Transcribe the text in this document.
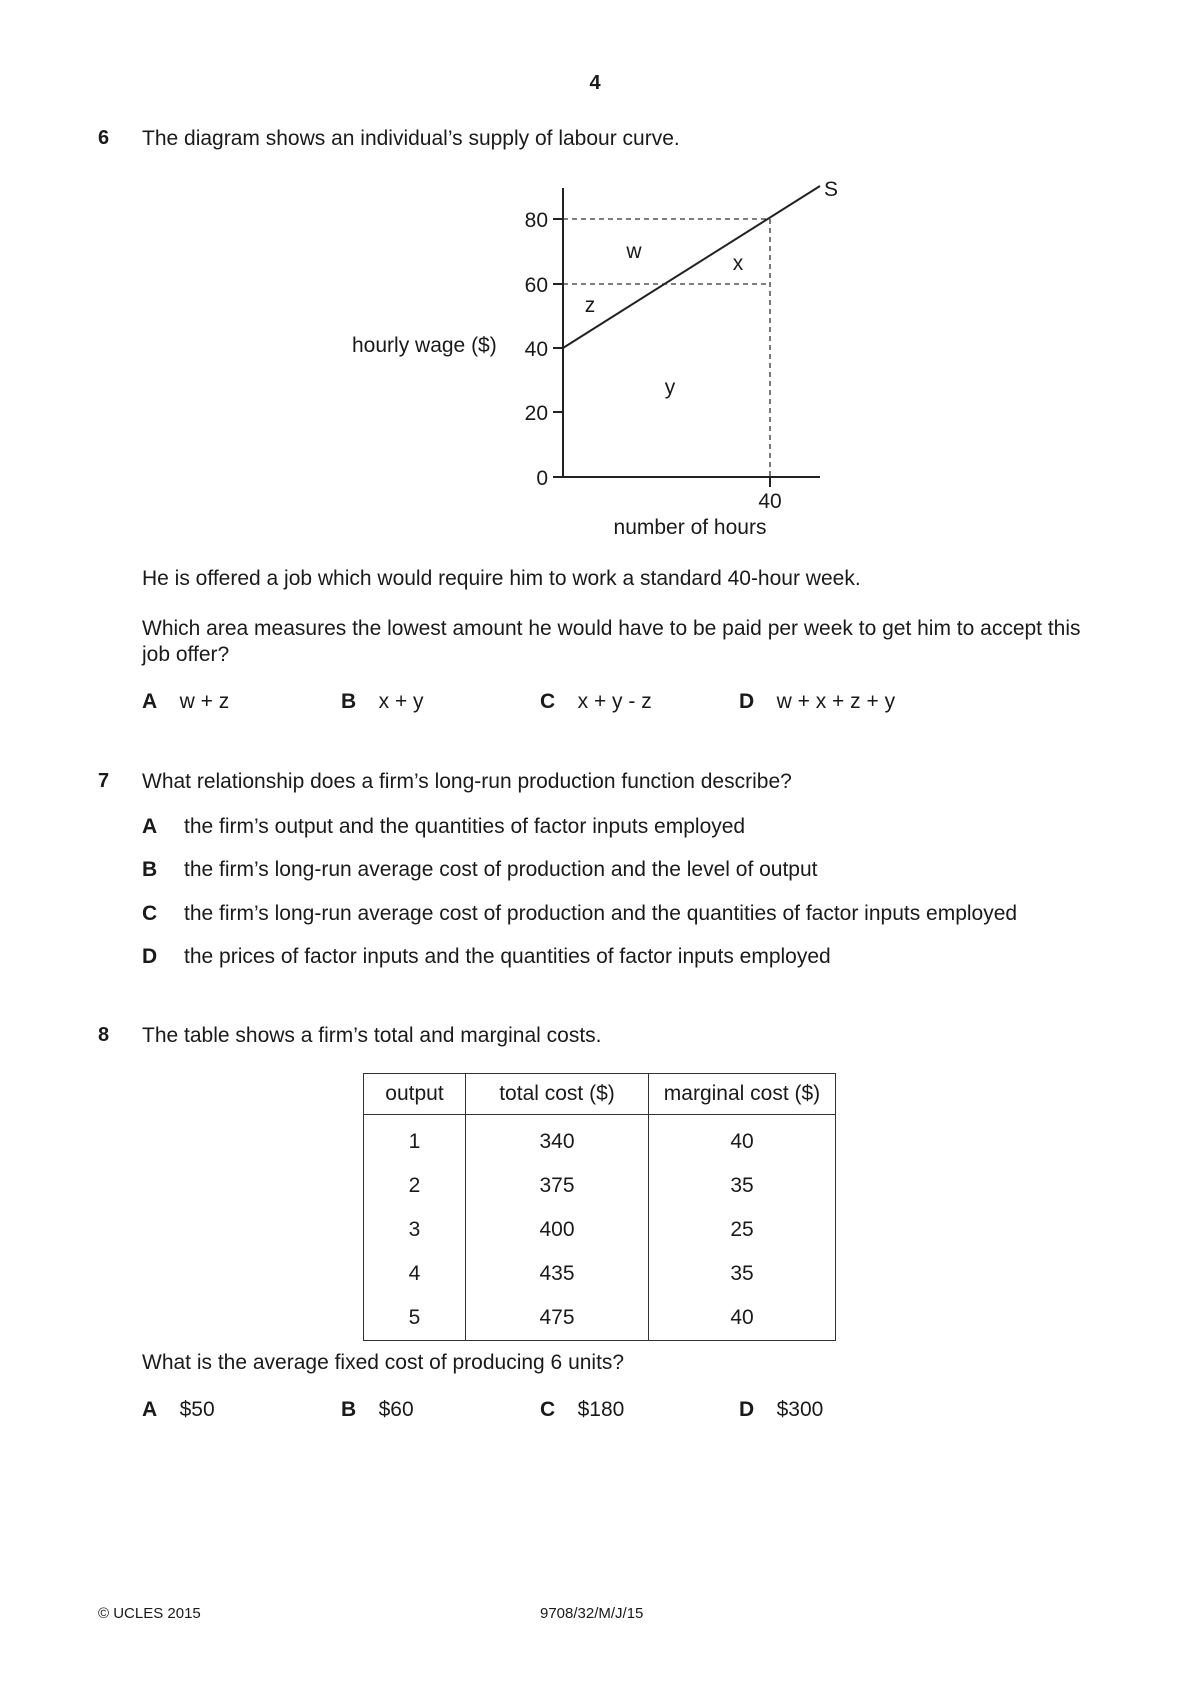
4
6 The diagram shows an individual’s supply of labour curve.
hourly wage ($)
80
60
40
20
0
40
number of hours
S
w
x
z
y
He is offered a job which would require him to work a standard 40-hour week.
Which area measures the lowest amount he would have to be paid per week to get him to accept this job offer?
A w + z	B x + y	C x + y - z	D w + x + z + y
7 What relationship does a firm’s long-run production function describe?
A the firm’s output and the quantities of factor inputs employed
B the firm’s long-run average cost of production and the level of output
C the firm’s long-run average cost of production and the quantities of factor inputs employed
D the prices of factor inputs and the quantities of factor inputs employed
8 The table shows a firm’s total and marginal costs.
output	total cost ($)	marginal cost ($)
1	340	40
2	375	35
3	400	25
4	435	35
5	475	40
What is the average fixed cost of producing 6 units?
A $50	B $60	C $180	D $300
© UCLES 2015	9708/32/M/J/15
